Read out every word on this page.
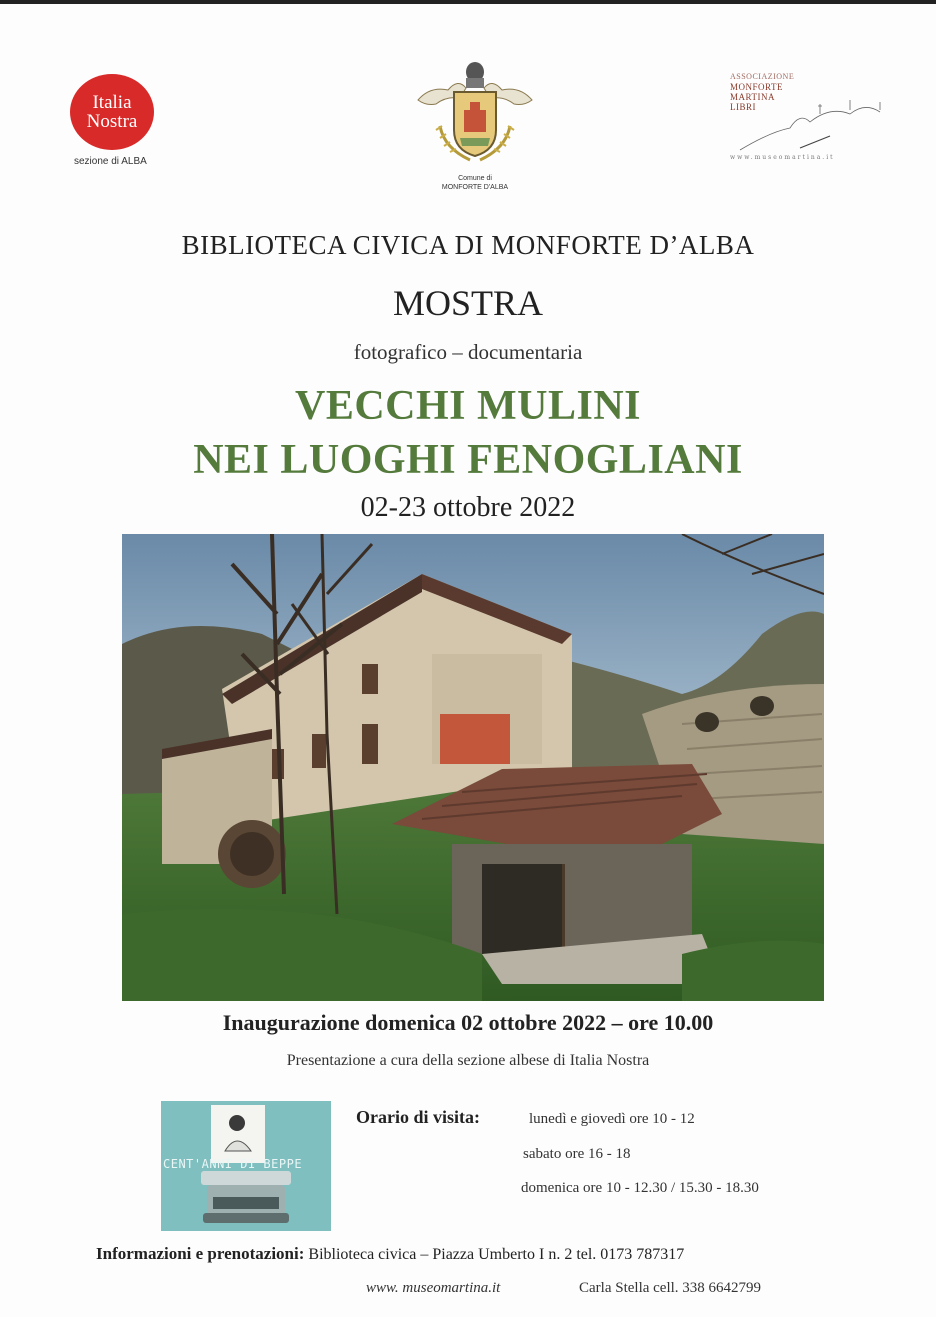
Italia
Nostra
sezione di ALBA
Comune di
MONFORTE D'ALBA
ASSOCIAZIONE
MONFORTE
MARTINA
LIBRI
www.museomartina.it
BIBLIOTECA CIVICA DI MONFORTE D’ALBA
MOSTRA
fotografico – documentaria
VECCHI MULINI
NEI LUOGHI FENOGLIANI
02-23 ottobre 2022
Inaugurazione domenica 02 ottobre 2022 – ore 10.00
Presentazione a cura della sezione albese di Italia Nostra
CENT'ANNI DI BEPPE
Orario di visita:	lunedì e giovedì ore 10 - 12
sabato ore 16 - 18
domenica ore 10 - 12.30 / 15.30 - 18.30
Informazioni e prenotazioni: Biblioteca civica – Piazza Umberto I n. 2 tel. 0173 787317
www. museomartina.it	Carla Stella cell. 338 6642799
